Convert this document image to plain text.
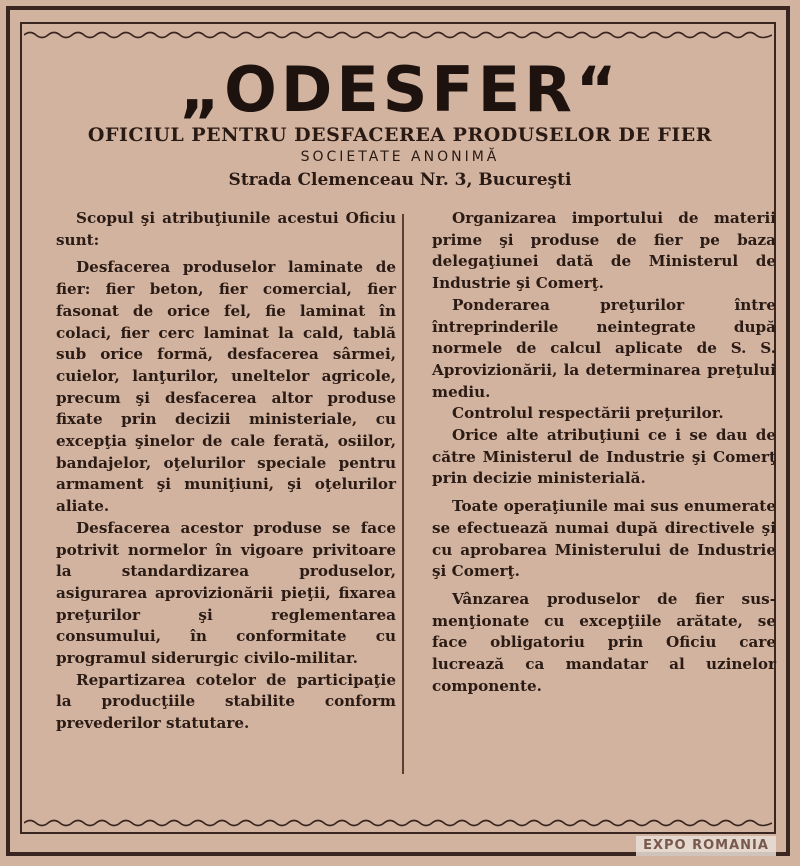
„ODESFER“
OFICIUL PENTRU DESFACEREA PRODUSELOR DE FIER
SOCIETATE ANONIMĂ
Strada Clemenceau Nr. 3, Bucureşti

Scopul şi atribuţiunile acestui Oficiu sunt:

Desfacerea produselor laminate de fier: fier beton, fier comercial, fier fasonat de orice fel, fie laminat în colaci, fier cerc laminat la cald, tablă sub orice formă, desfacerea sârmei, cuielor, lanţurilor, uneltelor agricole, precum şi desfacerea altor produse fixate prin decizii ministeriale, cu excepţia şinelor de cale ferată, osiilor, bandajelor, oţelurilor speciale pentru armament şi muniţiuni, şi oţelurilor aliate.

Desfacerea acestor produse se face potrivit normelor în vigoare privitoare la standardizarea produselor, asigurarea aprovizionării pieţii, fixarea preţurilor şi reglementarea consumului, în conformitate cu programul siderurgic civilo-militar.

Repartizarea cotelor de participaţie la producţiile stabilite conform prevederilor statutare.

Organizarea importului de materii prime şi produse de fier pe baza delegaţiunei dată de Ministerul de Industrie şi Comerţ.

Ponderarea preţurilor între întreprinderile neintegrate după normele de calcul aplicate de S. S. Aprovizionării, la determinarea preţului mediu.

Controlul respectării preţurilor.

Orice alte atribuţiuni ce i se dau de către Ministerul de Industrie şi Comerţ prin decizie ministerială.

Toate operaţiunile mai sus enumerate se efectuează numai după directivele şi cu aprobarea Ministerului de Industrie şi Comerţ.

Vânzarea produselor de fier sus-menţionate cu excepţiile arătate, se face obligatoriu prin Oficiu care lucrează ca mandatar al uzinelor componente.

EXPO ROMANIA
